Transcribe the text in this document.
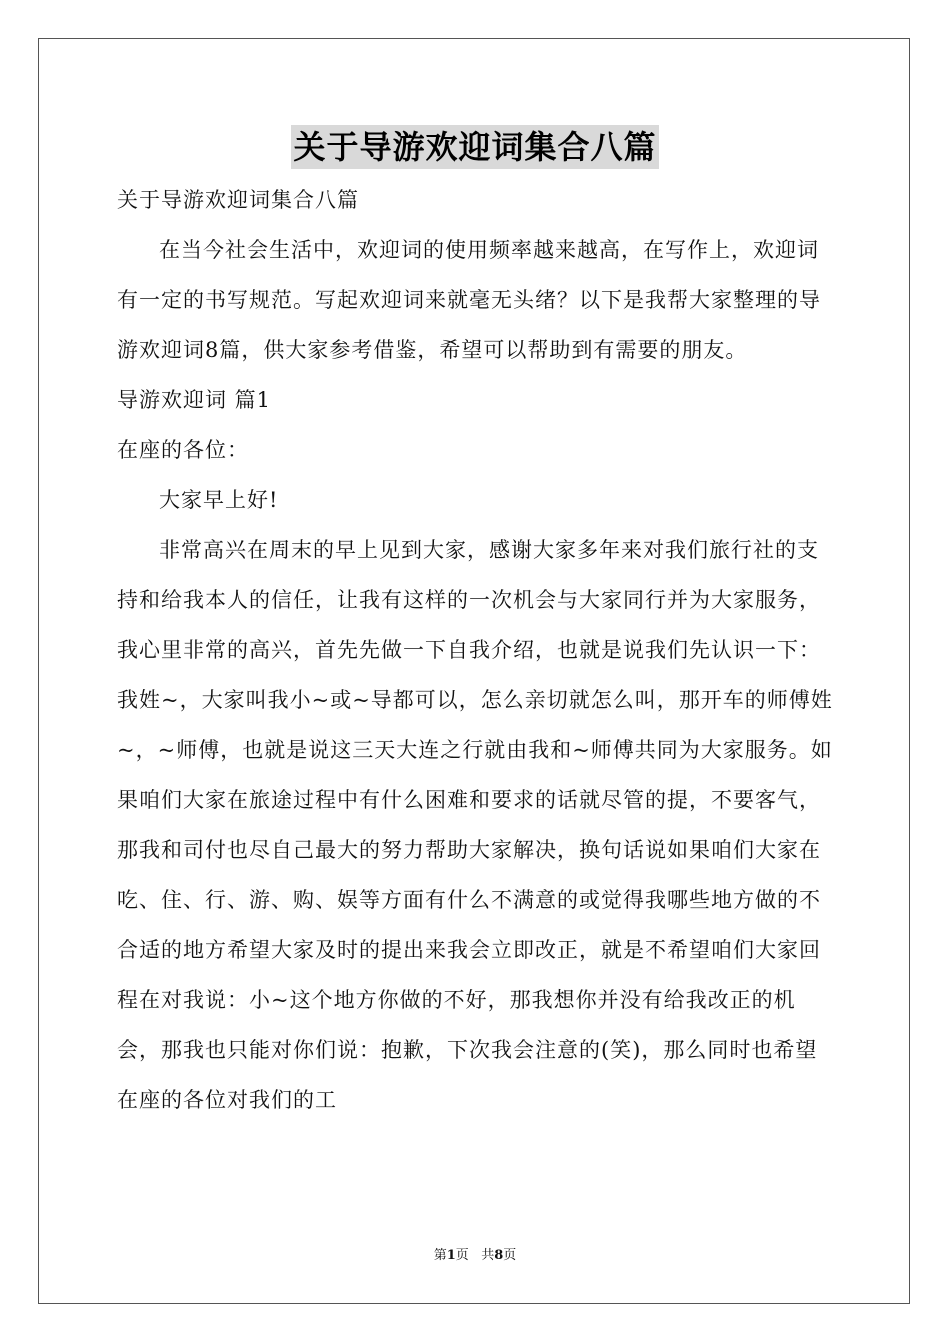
关于导游欢迎词集合八篇

关于导游欢迎词集合八篇

在当今社会生活中，欢迎词的使用频率越来越高，在写作上，欢迎词有一定的书写规范。写起欢迎词来就毫无头绪？以下是我帮大家整理的导游欢迎词8篇，供大家参考借鉴，希望可以帮助到有需要的朋友。

导游欢迎词 篇1

在座的各位：

大家早上好!

非常高兴在周末的早上见到大家，感谢大家多年来对我们旅行社的支持和给我本人的信任，让我有这样的一次机会与大家同行并为大家服务，我心里非常的高兴，首先先做一下自我介绍，也就是说我们先认识一下：我姓~，大家叫我小~或~导都可以，怎么亲切就怎么叫，那开车的师傅姓~，~师傅，也就是说这三天大连之行就由我和~师傅共同为大家服务。如果咱们大家在旅途过程中有什么困难和要求的话就尽管的提，不要客气，那我和司付也尽自己最大的努力帮助大家解决，换句话说如果咱们大家在吃、住、行、游、购、娱等方面有什么不满意的或觉得我哪些地方做的不合适的地方希望大家及时的提出来我会立即改正，就是不希望咱们大家回程在对我说：小~这个地方你做的不好，那我想你并没有给我改正的机会，那我也只能对你们说：抱歉，下次我会注意的(笑)，那么同时也希望在座的各位对我们的工

第1页 共8页
